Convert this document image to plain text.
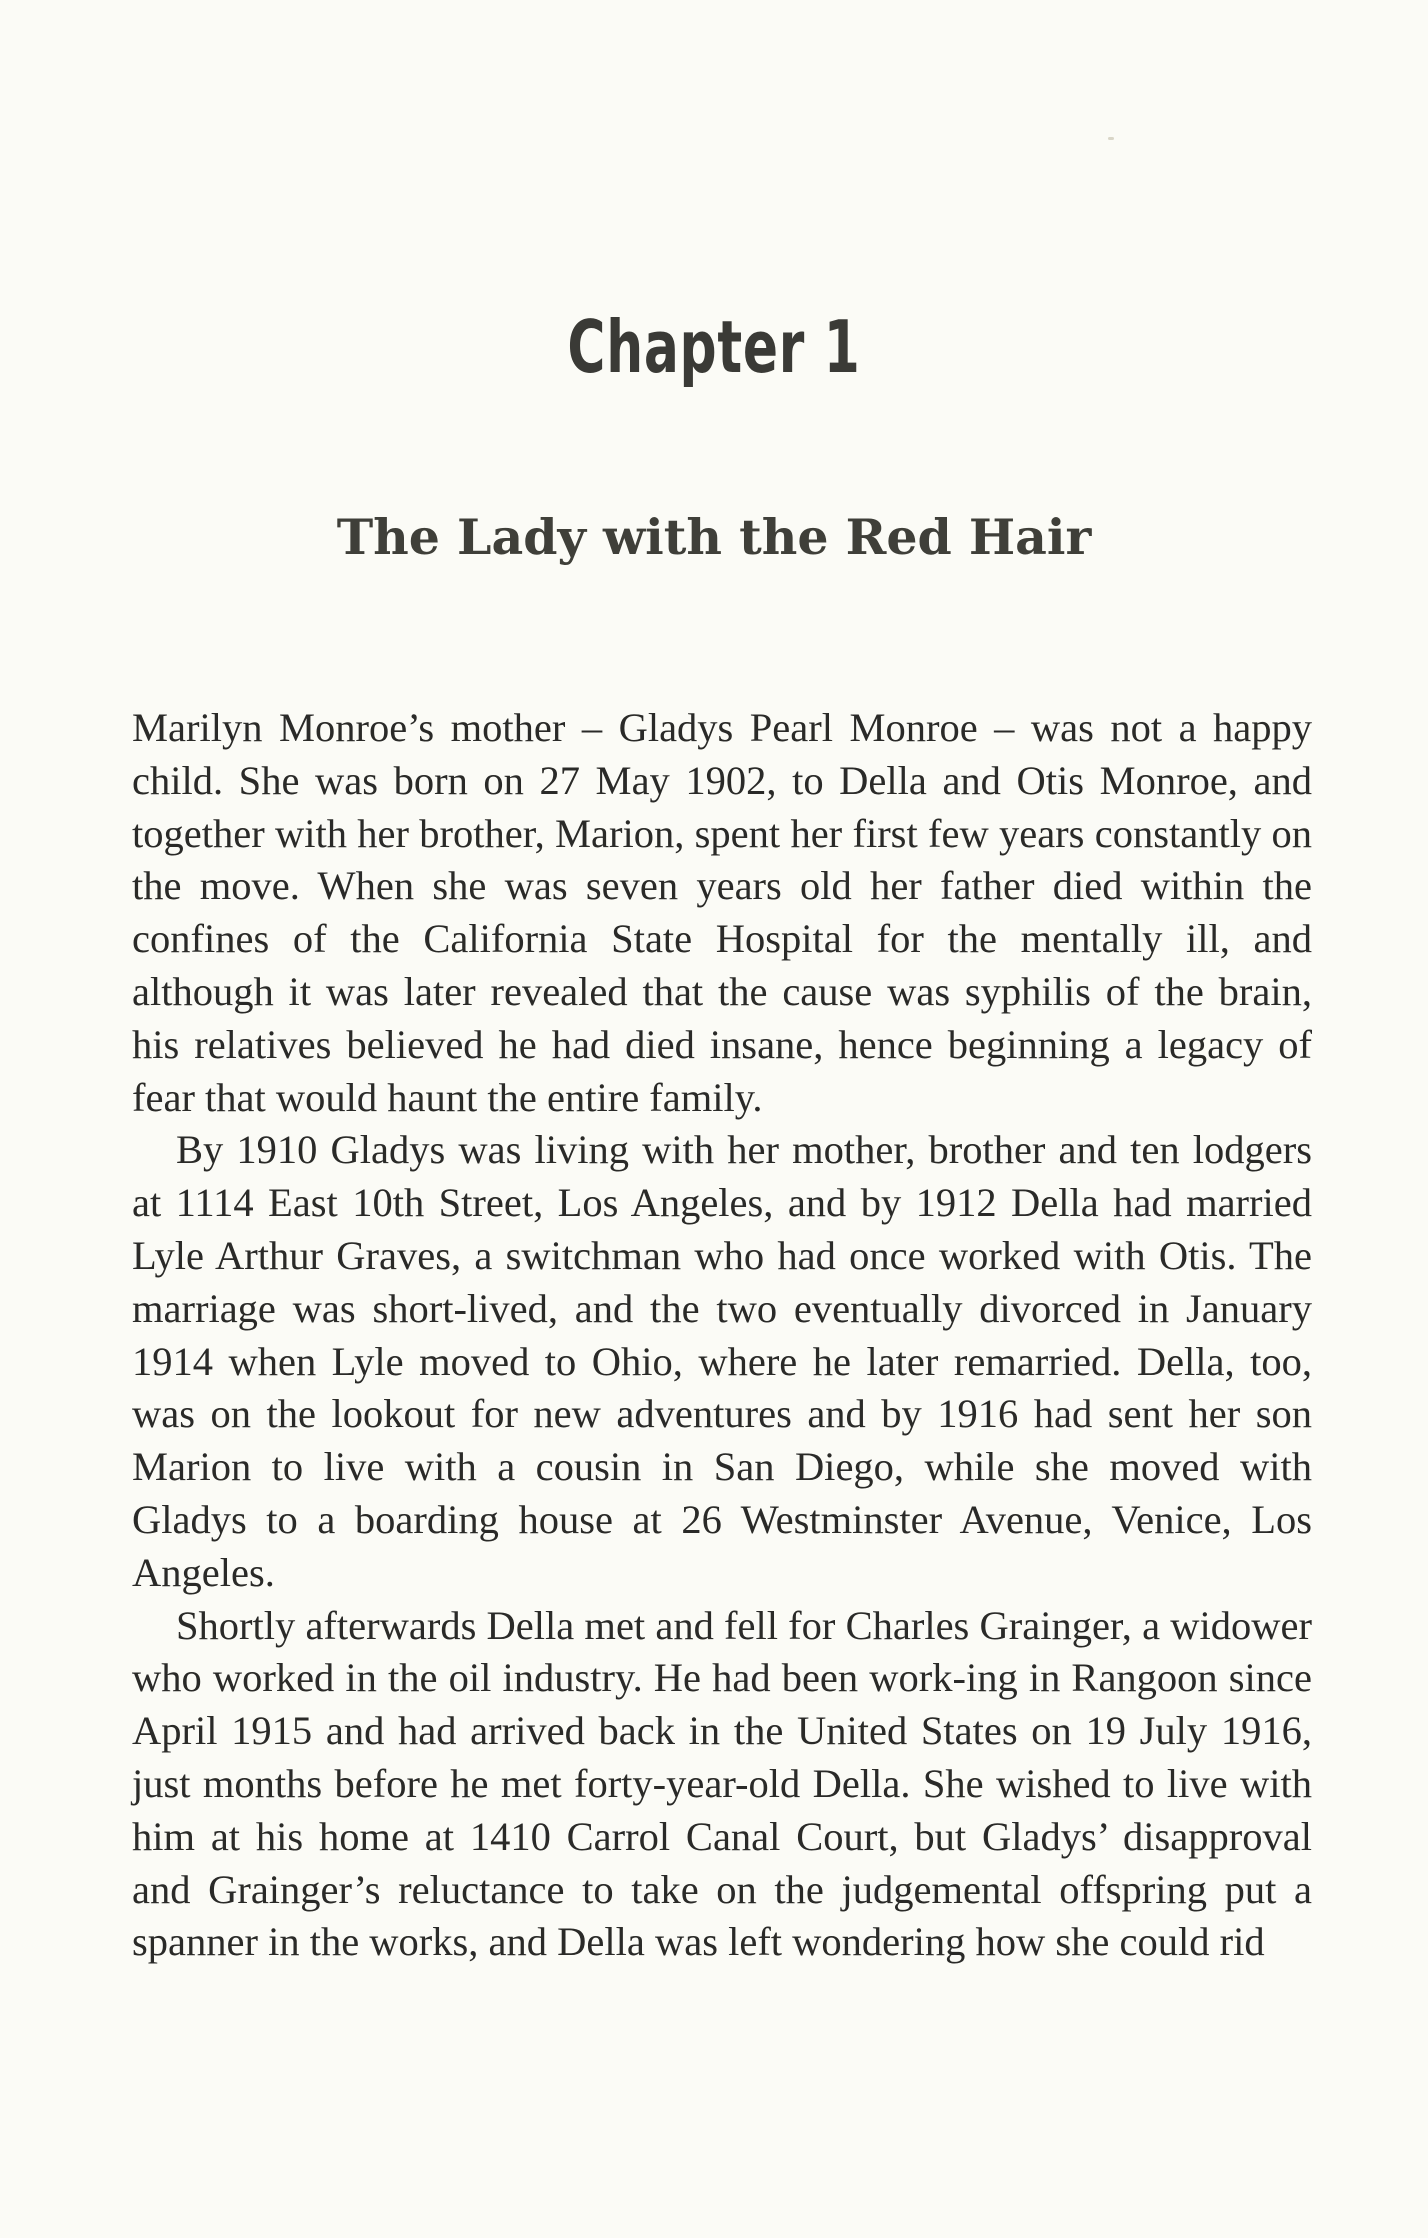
Chapter 1
The Lady with the Red Hair

Marilyn Monroe’s mother – Gladys Pearl Monroe – was not a happy child. She was born on 27 May 1902, to Della and Otis Monroe, and together with her brother, Marion, spent her first few years constantly on the move. When she was seven years old her father died within the confines of the California State Hospital for the mentally ill, and although it was later revealed that the cause was syphilis of the brain, his relatives believed he had died insane, hence beginning a legacy of fear that would haunt the entire family.

By 1910 Gladys was living with her mother, brother and ten lodgers at 1114 East 10th Street, Los Angeles, and by 1912 Della had married Lyle Arthur Graves, a switchman who had once worked with Otis. The marriage was short-lived, and the two eventually divorced in January 1914 when Lyle moved to Ohio, where he later remarried. Della, too, was on the lookout for new adventures and by 1916 had sent her son Marion to live with a cousin in San Diego, while she moved with Gladys to a boarding house at 26 Westminster Avenue, Venice, Los Angeles.

Shortly afterwards Della met and fell for Charles Grainger, a widower who worked in the oil industry. He had been work-ing in Rangoon since April 1915 and had arrived back in the United States on 19 July 1916, just months before he met forty-year-old Della. She wished to live with him at his home at 1410 Carrol Canal Court, but Gladys’ disapproval and Grainger’s reluctance to take on the judgemental offspring put a spanner in the works, and Della was left wondering how she could rid
